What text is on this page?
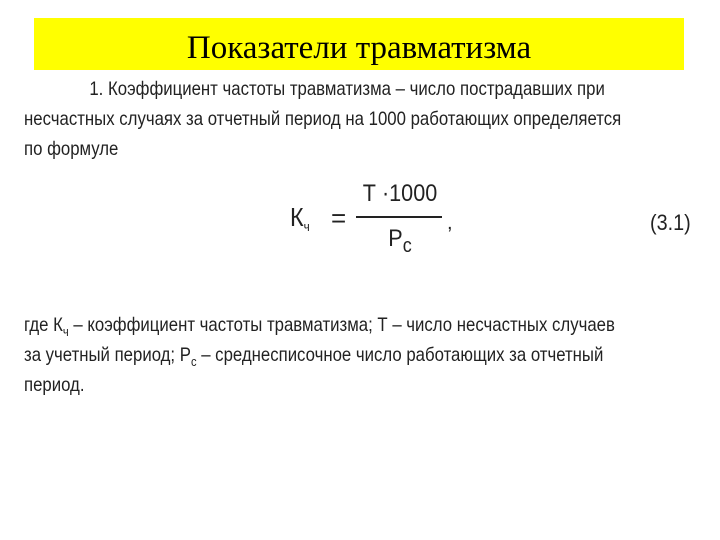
Показатели травматизма
1. Коэффициент частоты травматизма – число пострадавших при
несчастных случаях за отчетный период на 1000 работающих определяется
по формуле
$К_ч$ =
Т ·1000
$Р_с$
,	(3.1)
где $К_ч$ – коэффициент частоты травматизма; Т – число несчастных случаев
за учетный период; $Р_с$ – среднесписочное число работающих за отчетный
период.
